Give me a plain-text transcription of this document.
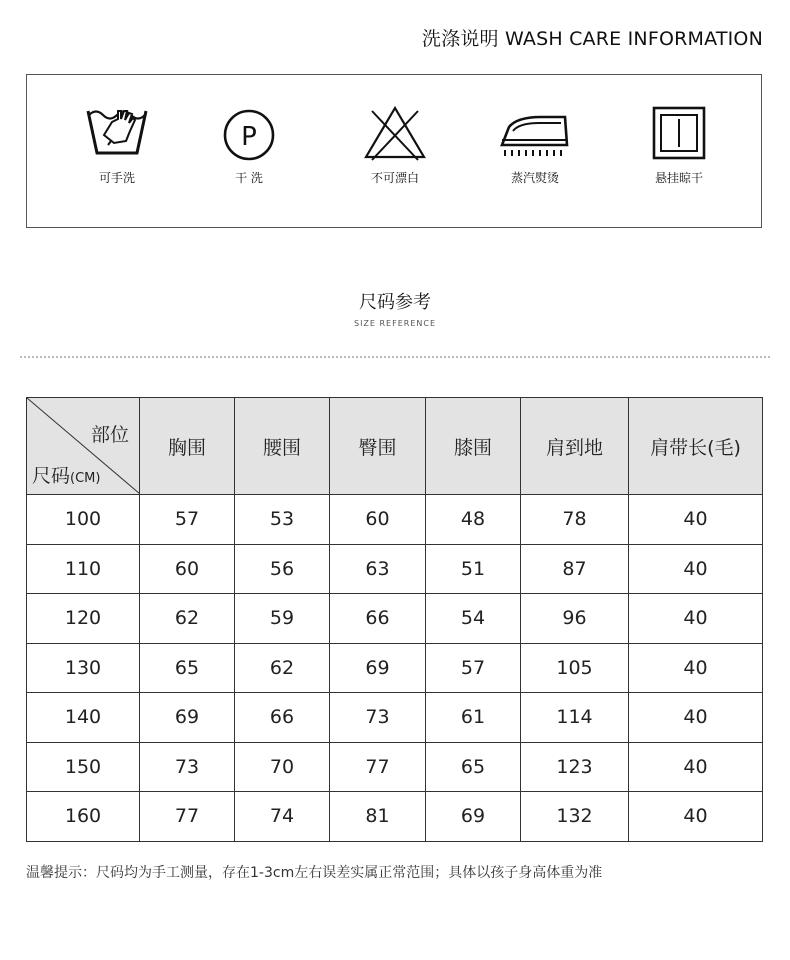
洗涤说明 WASH CARE INFORMATION
可手洗
P
干 洗	不可漂白	蒸汽熨烫	悬挂晾干
尺码参考
SIZE REFERENCE
部位
尺码(CM)	胸围	腰围	臀围	膝围	肩到地	肩带长(毛)
100	57	53	60	48	78	40
110	60	56	63	51	87	40
120	62	59	66	54	96	40
130	65	62	69	57	105	40
140	69	66	73	61	114	40
150	73	70	77	65	123	40
160	77	74	81	69	132	40
温馨提示：尺码均为手工测量，存在1-3cm左右误差实属正常范围；具体以孩子身高体重为准
